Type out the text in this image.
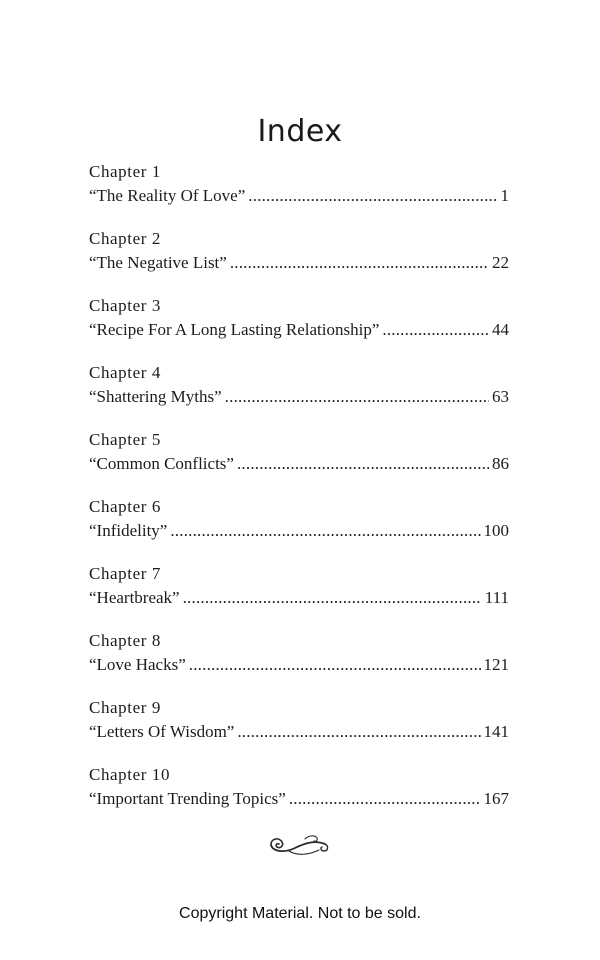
Index
Chapter 1
“The Reality Of Love” .....	1
Chapter 2
“The Negative List” .....	22
Chapter 3
“Recipe For A Long Lasting Relationship” .....	44
Chapter 4
“Shattering Myths” .....	63
Chapter 5
“Common Conflicts” .....	86
Chapter 6
“Infidelity” .....	100
Chapter 7
“Heartbreak” .....	111
Chapter 8
“Love Hacks” .....	121
Chapter 9
“Letters Of Wisdom” .....	141
Chapter 10
“Important Trending Topics” .....	167
Copyright Material. Not to be sold.
